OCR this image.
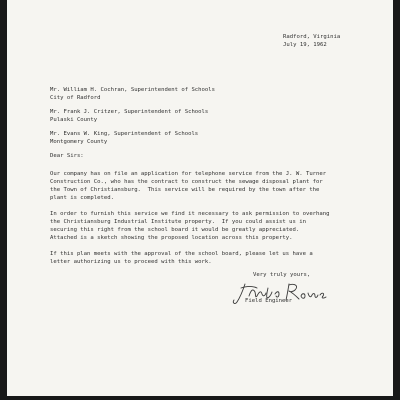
Radford, Virginia
July 19, 1962
Mr. William H. Cochran, Superintendent of Schools
City of Radford
Mr. Frank J. Critzer, Superintendent of Schools
Pulaski County
Mr. Evans W. King, Superintendent of Schools
Montgomery County
Dear Sirs:
Our company has on file an application for telephone service from the J. W. Turner
Construction Co., who has the contract to construct the sewage disposal plant for
the Town of Christiansburg.  This service will be required by the town after the
plant is completed.
In order to furnish this service we find it necessary to ask permission to overhang
the Christiansburg Industrial Institute property.  If you could assist us in
securing this right from the school board it would be greatly appreciated.
Attached is a sketch showing the proposed location across this property.
If this plan meets with the approval of the school board, please let us have a
letter authorizing us to proceed with this work.
Very truly yours,
Field Engineer
